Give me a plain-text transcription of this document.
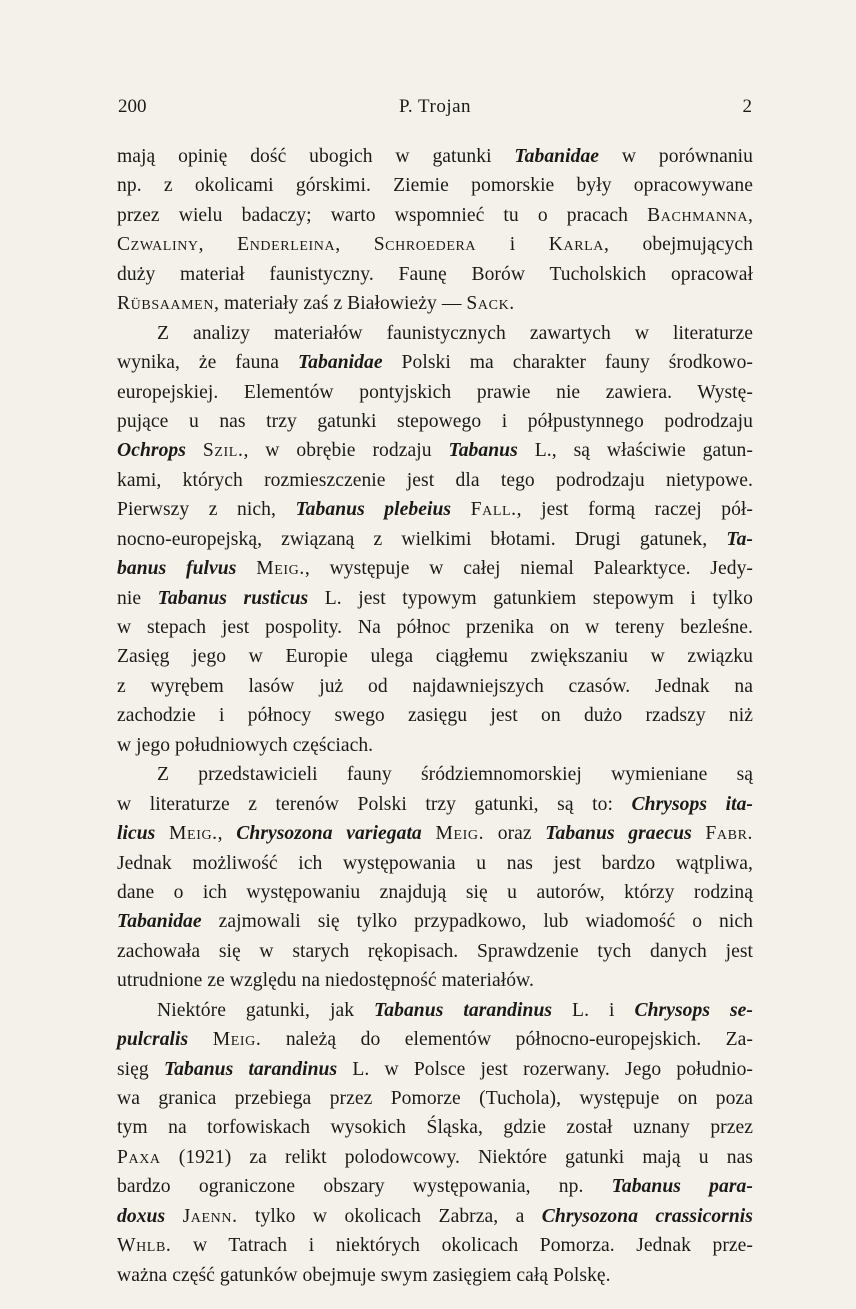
200	P. Trojan	2
mają opinię dość ubogich w gatunki Tabanidae w porównaniu
np. z okolicami górskimi. Ziemie pomorskie były opracowywane
przez wielu badaczy; warto wspomnieć tu o pracach Bachmanna,
Czwaliny, Enderleina, Schroedera i Karla, obejmujących
duży materiał faunistyczny. Faunę Borów Tucholskich opracował
Rübsaamen, materiały zaś z Białowieży — Sack.
Z analizy materiałów faunistycznych zawartych w literaturze
wynika, że fauna Tabanidae Polski ma charakter fauny środkowo-
europejskiej. Elementów pontyjskich prawie nie zawiera. Wystę-
pujące u nas trzy gatunki stepowego i półpustynnego podrodzaju
Ochrops Szil., w obrębie rodzaju Tabanus L., są właściwie gatun-
kami, których rozmieszczenie jest dla tego podrodzaju nietypowe.
Pierwszy z nich, Tabanus plebeius Fall., jest formą raczej pół-
nocno-europejską, związaną z wielkimi błotami. Drugi gatunek, Ta-
banus fulvus Meig., występuje w całej niemal Palearktyce. Jedy-
nie Tabanus rusticus L. jest typowym gatunkiem stepowym i tylko
w stepach jest pospolity. Na północ przenika on w tereny bezleśne.
Zasięg jego w Europie ulega ciągłemu zwiększaniu w związku
z wyrębem lasów już od najdawniejszych czasów. Jednak na
zachodzie i północy swego zasięgu jest on dużo rzadszy niż
w jego południowych częściach.
Z przedstawicieli fauny śródziemnomorskiej wymieniane są
w literaturze z terenów Polski trzy gatunki, są to: Chrysops ita-
licus Meig., Chrysozona variegata Meig. oraz Tabanus graecus Fabr.
Jednak możliwość ich występowania u nas jest bardzo wątpliwa,
dane o ich występowaniu znajdują się u autorów, którzy rodziną
Tabanidae zajmowali się tylko przypadkowo, lub wiadomość o nich
zachowała się w starych rękopisach. Sprawdzenie tych danych jest
utrudnione ze względu na niedostępność materiałów.
Niektóre gatunki, jak Tabanus tarandinus L. i Chrysops se-
pulcralis Meig. należą do elementów północno-europejskich. Za-
sięg Tabanus tarandinus L. w Polsce jest rozerwany. Jego południo-
wa granica przebiega przez Pomorze (Tuchola), występuje on poza
tym na torfowiskach wysokich Śląska, gdzie został uznany przez
Paxa (1921) za relikt polodowcowy. Niektóre gatunki mają u nas
bardzo ograniczone obszary występowania, np. Tabanus para-
doxus Jaenn. tylko w okolicach Zabrza, a Chrysozona crassicornis
Whlb. w Tatrach i niektórych okolicach Pomorza. Jednak prze-
ważna część gatunków obejmuje swym zasięgiem całą Polskę.
